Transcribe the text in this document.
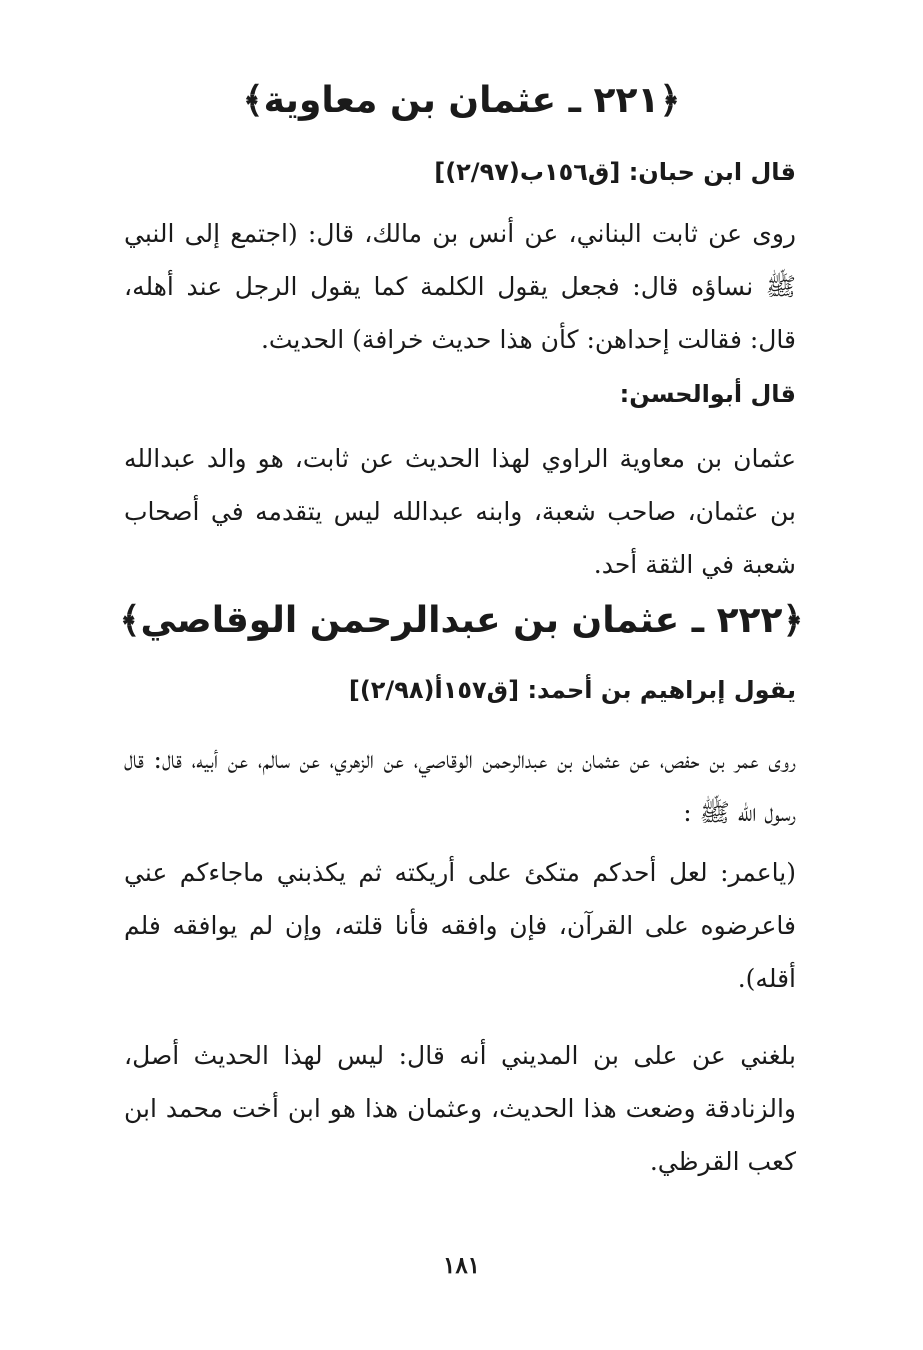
﴿٢٢١ ـ عثمان بن معاوية﴾
قال ابن حبان: [ق١٥٦ب(٢/٩٧)]
روى عن ثابت البناني، عن أنس بن مالك، قال: (اجتمع إلى النبي ﷺ نساؤه قال: فجعل يقول الكلمة كما يقول الرجل عند أهله، قال: فقالت إحداهن: كأن هذا حديث خرافة) الحديث.
قال أبوالحسن:
عثمان بن معاوية الراوي لهذا الحديث عن ثابت، هو والد عبدالله بن عثمان، صاحب شعبة، وابنه عبدالله ليس يتقدمه في أصحاب شعبة في الثقة أحد.
﴿٢٢٢ ـ عثمان بن عبدالرحمن الوقاصي﴾
يقول إبراهيم بن أحمد: [ق١٥٧أ(٢/٩٨)]
روى عمر بن حفص، عن عثمان بن عبدالرحمن الوقاصي، عن الزهري، عن سالم، عن أبيه، قال: قال رسول الله ﷺ :
(ياعمر: لعل أحدكم متكئ على أريكته ثم يكذبني ماجاءكم عني فاعرضوه على القرآن، فإن وافقه فأنا قلته، وإن لم يوافقه فلم أقله).
بلغني عن على بن المديني أنه قال: ليس لهذا الحديث أصل، والزنادقة وضعت هذا الحديث، وعثمان هذا هو ابن أخت محمد ابن كعب القرظي.
١٨١
